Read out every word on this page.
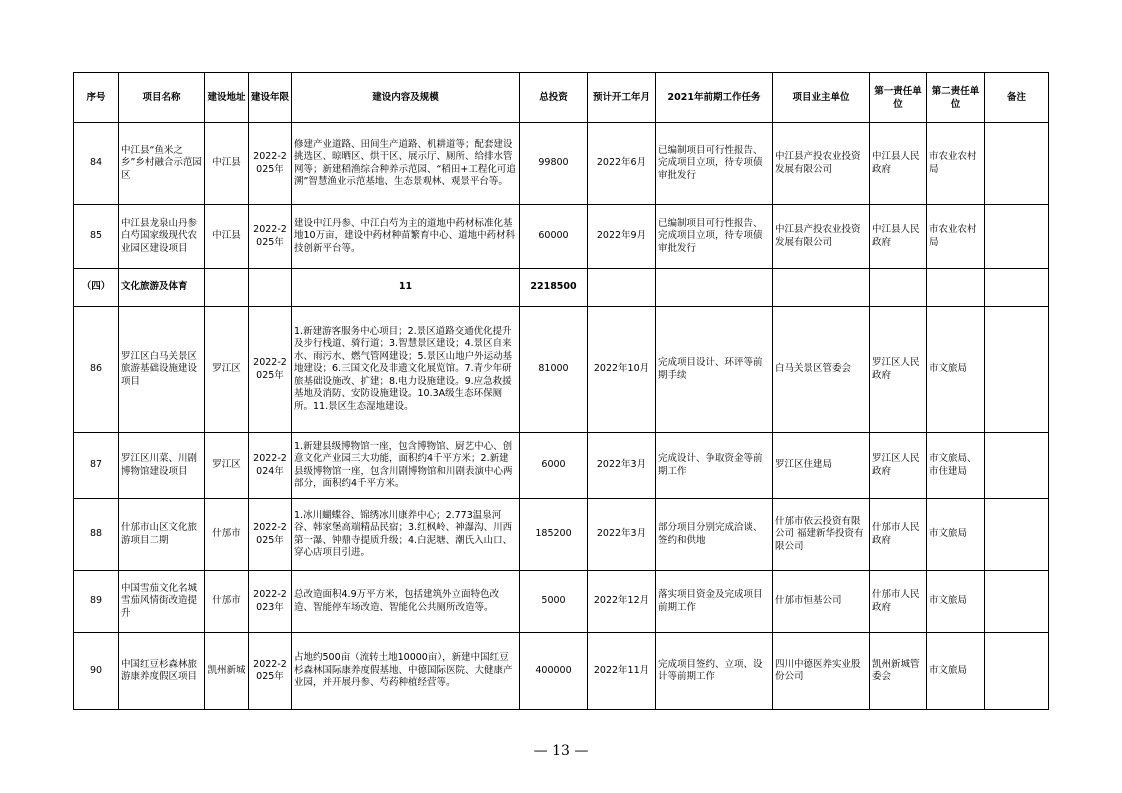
序号	项目名称	建设地址	建设年限	建设内容及规模	总投资	预计开工年月	2021年前期工作任务	项目业主单位	第一责任单位	第二责任单位	备注
84	中江县“鱼米之乡”乡村融合示范园区	中江县	2022-2025年	修建产业道路、田间生产道路、机耕道等；配套建设挑选区、晾晒区、烘干区、展示厅、厕所、给排水管网等；新建稻渔综合种养示范园、“稻田+工程化可追溯”智慧渔业示范基地、生态景观林、观景平台等。	99800	2022年6月	已编制项目可行性报告、完成项目立项，待专项债审批发行	中江县产投农业投资发展有限公司	中江县人民政府	市农业农村局	
85	中江县龙泉山丹参白芍国家级现代农业园区建设项目	中江县	2022-2025年	建设中江丹参、中江白芍为主的道地中药材标准化基地10万亩，建设中药材种苗繁育中心、道地中药材科技创新平台等。	60000	2022年9月	已编制项目可行性报告、完成项目立项，待专项债审批发行	中江县产投农业投资发展有限公司	中江县人民政府	市农业农村局	
（四）	文化旅游及体育			11	2218500						
86	罗江区白马关景区旅游基础设施建设项目	罗江区	2022-2025年	1.新建游客服务中心项目；2.景区道路交通优化提升及步行栈道、骑行道；3.智慧景区建设；4.景区自来水、雨污水、燃气管网建设；5.景区山地户外运动基地建设；6.三国文化及非遗文化展览馆。7.青少年研旅基础设施改、扩建；8.电力设施建设。9.应急救援基地及消防、安防设施建设。10.3A级生态环保厕所。11.景区生态湿地建设。	81000	2022年10月	完成项目设计、环评等前期手续	白马关景区管委会	罗江区人民政府	市文旅局	
87	罗江区川菜、川剧博物馆建设项目	罗江区	2022-2024年	1.新建县级博物馆一座，包含博物馆、厨艺中心、创意文化产业园三大功能，面积约4千平方米；2.新建县级博物馆一座，包含川剧博物馆和川剧表演中心两部分，面积约4千平方米。	6000	2022年3月	完成设计、争取资金等前期工作	罗江区住建局	罗江区人民政府	市文旅局、市住建局	
88	什邡市山区文化旅游项目二期	什邡市	2022-2025年	1.冰川蝴蝶谷、锦绣冰川康养中心；2.773温泉河谷、韩家堡高端精品民宿；3.红枫岭、神瀑沟、川西第一瀑、钟鼎寺提质升级；4.白泥塘、潮氏入山口、穿心店项目引进。	185200	2022年3月	部分项目分别完成洽谈、签约和供地	什邡市依云投资有限公司 福建新华投资有限公司	什邡市人民政府	市文旅局	
89	中国雪茄文化名城雪茄风情街改造提升	什邡市	2022-2023年	总改造面积4.9万平方米，包括建筑外立面特色改造、智能停车场改造、智能化公共厕所改造等。	5000	2022年12月	落实项目资金及完成项目前期工作	什邡市恒基公司	什邡市人民政府	市文旅局	
90	中国红豆杉森林旅游康养度假区项目	凯州新城	2022-2025年	占地约500亩（流转土地10000亩），新建中国红豆杉森林国际康养度假基地、中德国际医院、大健康产业园，并开展丹参、芍药种植经营等。	400000	2022年11月	完成项目签约、立项、设计等前期工作	四川中德医养实业股份公司	凯州新城管委会	市文旅局	
— 13 —
